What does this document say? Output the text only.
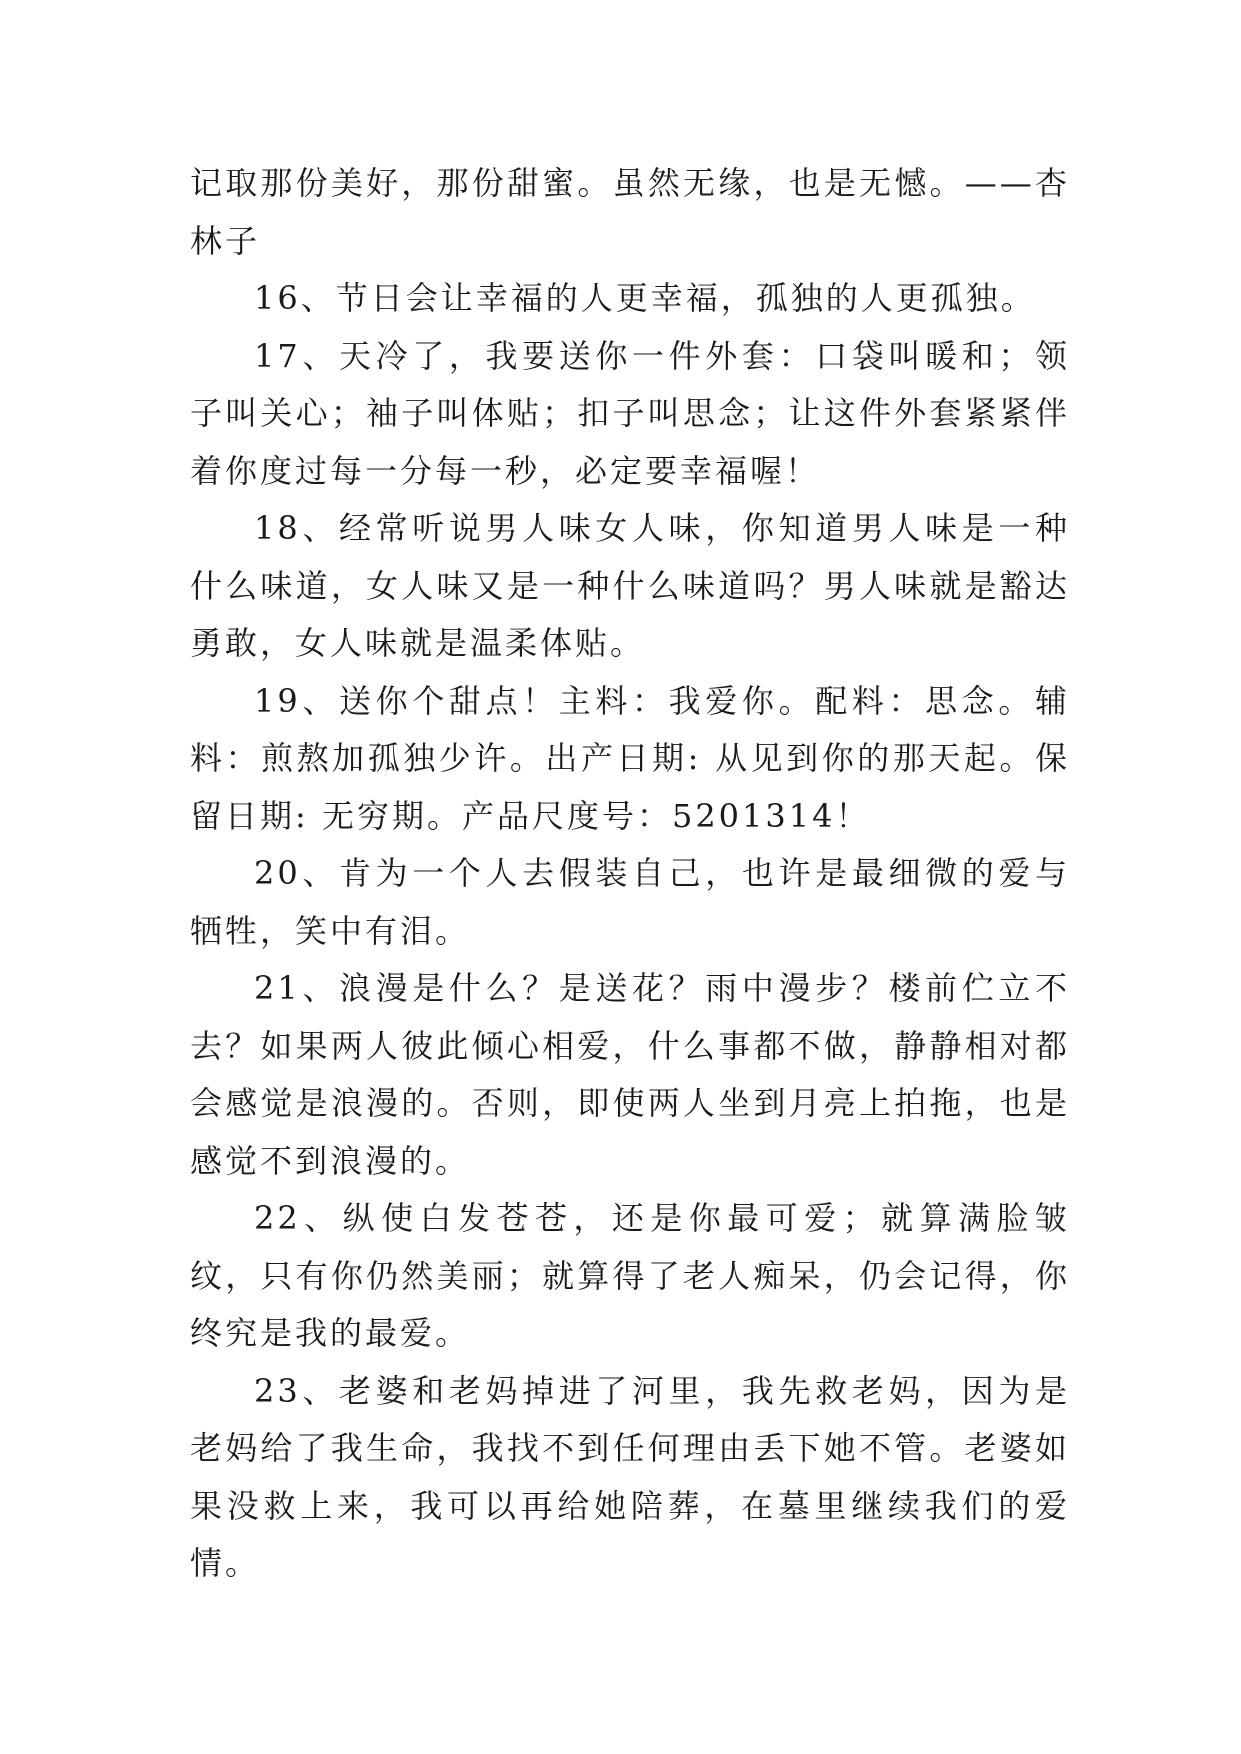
记取那份美好，那份甜蜜。虽然无缘，也是无憾。——杏林子

16、节日会让幸福的人更幸福，孤独的人更孤独。

17、天冷了，我要送你一件外套：口袋叫暖和；领子叫关心；袖子叫体贴；扣子叫思念；让这件外套紧紧伴着你度过每一分每一秒，必定要幸福喔！

18、经常听说男人味女人味，你知道男人味是一种什么味道，女人味又是一种什么味道吗？男人味就是豁达勇敢，女人味就是温柔体贴。

19、送你个甜点！主料：我爱你。配料：思念。辅料：煎熬加孤独少许。出产日期: 从见到你的那天起。保留日期: 无穷期。产品尺度号：5201314！

20、肯为一个人去假装自己，也许是最细微的爱与牺牲，笑中有泪。

21、浪漫是什么？是送花？雨中漫步？楼前伫立不去？如果两人彼此倾心相爱，什么事都不做，静静相对都会感觉是浪漫的。否则，即使两人坐到月亮上拍拖，也是感觉不到浪漫的。

22、纵使白发苍苍，还是你最可爱；就算满脸皱纹，只有你仍然美丽；就算得了老人痴呆，仍会记得，你终究是我的最爱。

23、老婆和老妈掉进了河里，我先救老妈，因为是老妈给了我生命，我找不到任何理由丢下她不管。老婆如果没救上来，我可以再给她陪葬，在墓里继续我们的爱情。
